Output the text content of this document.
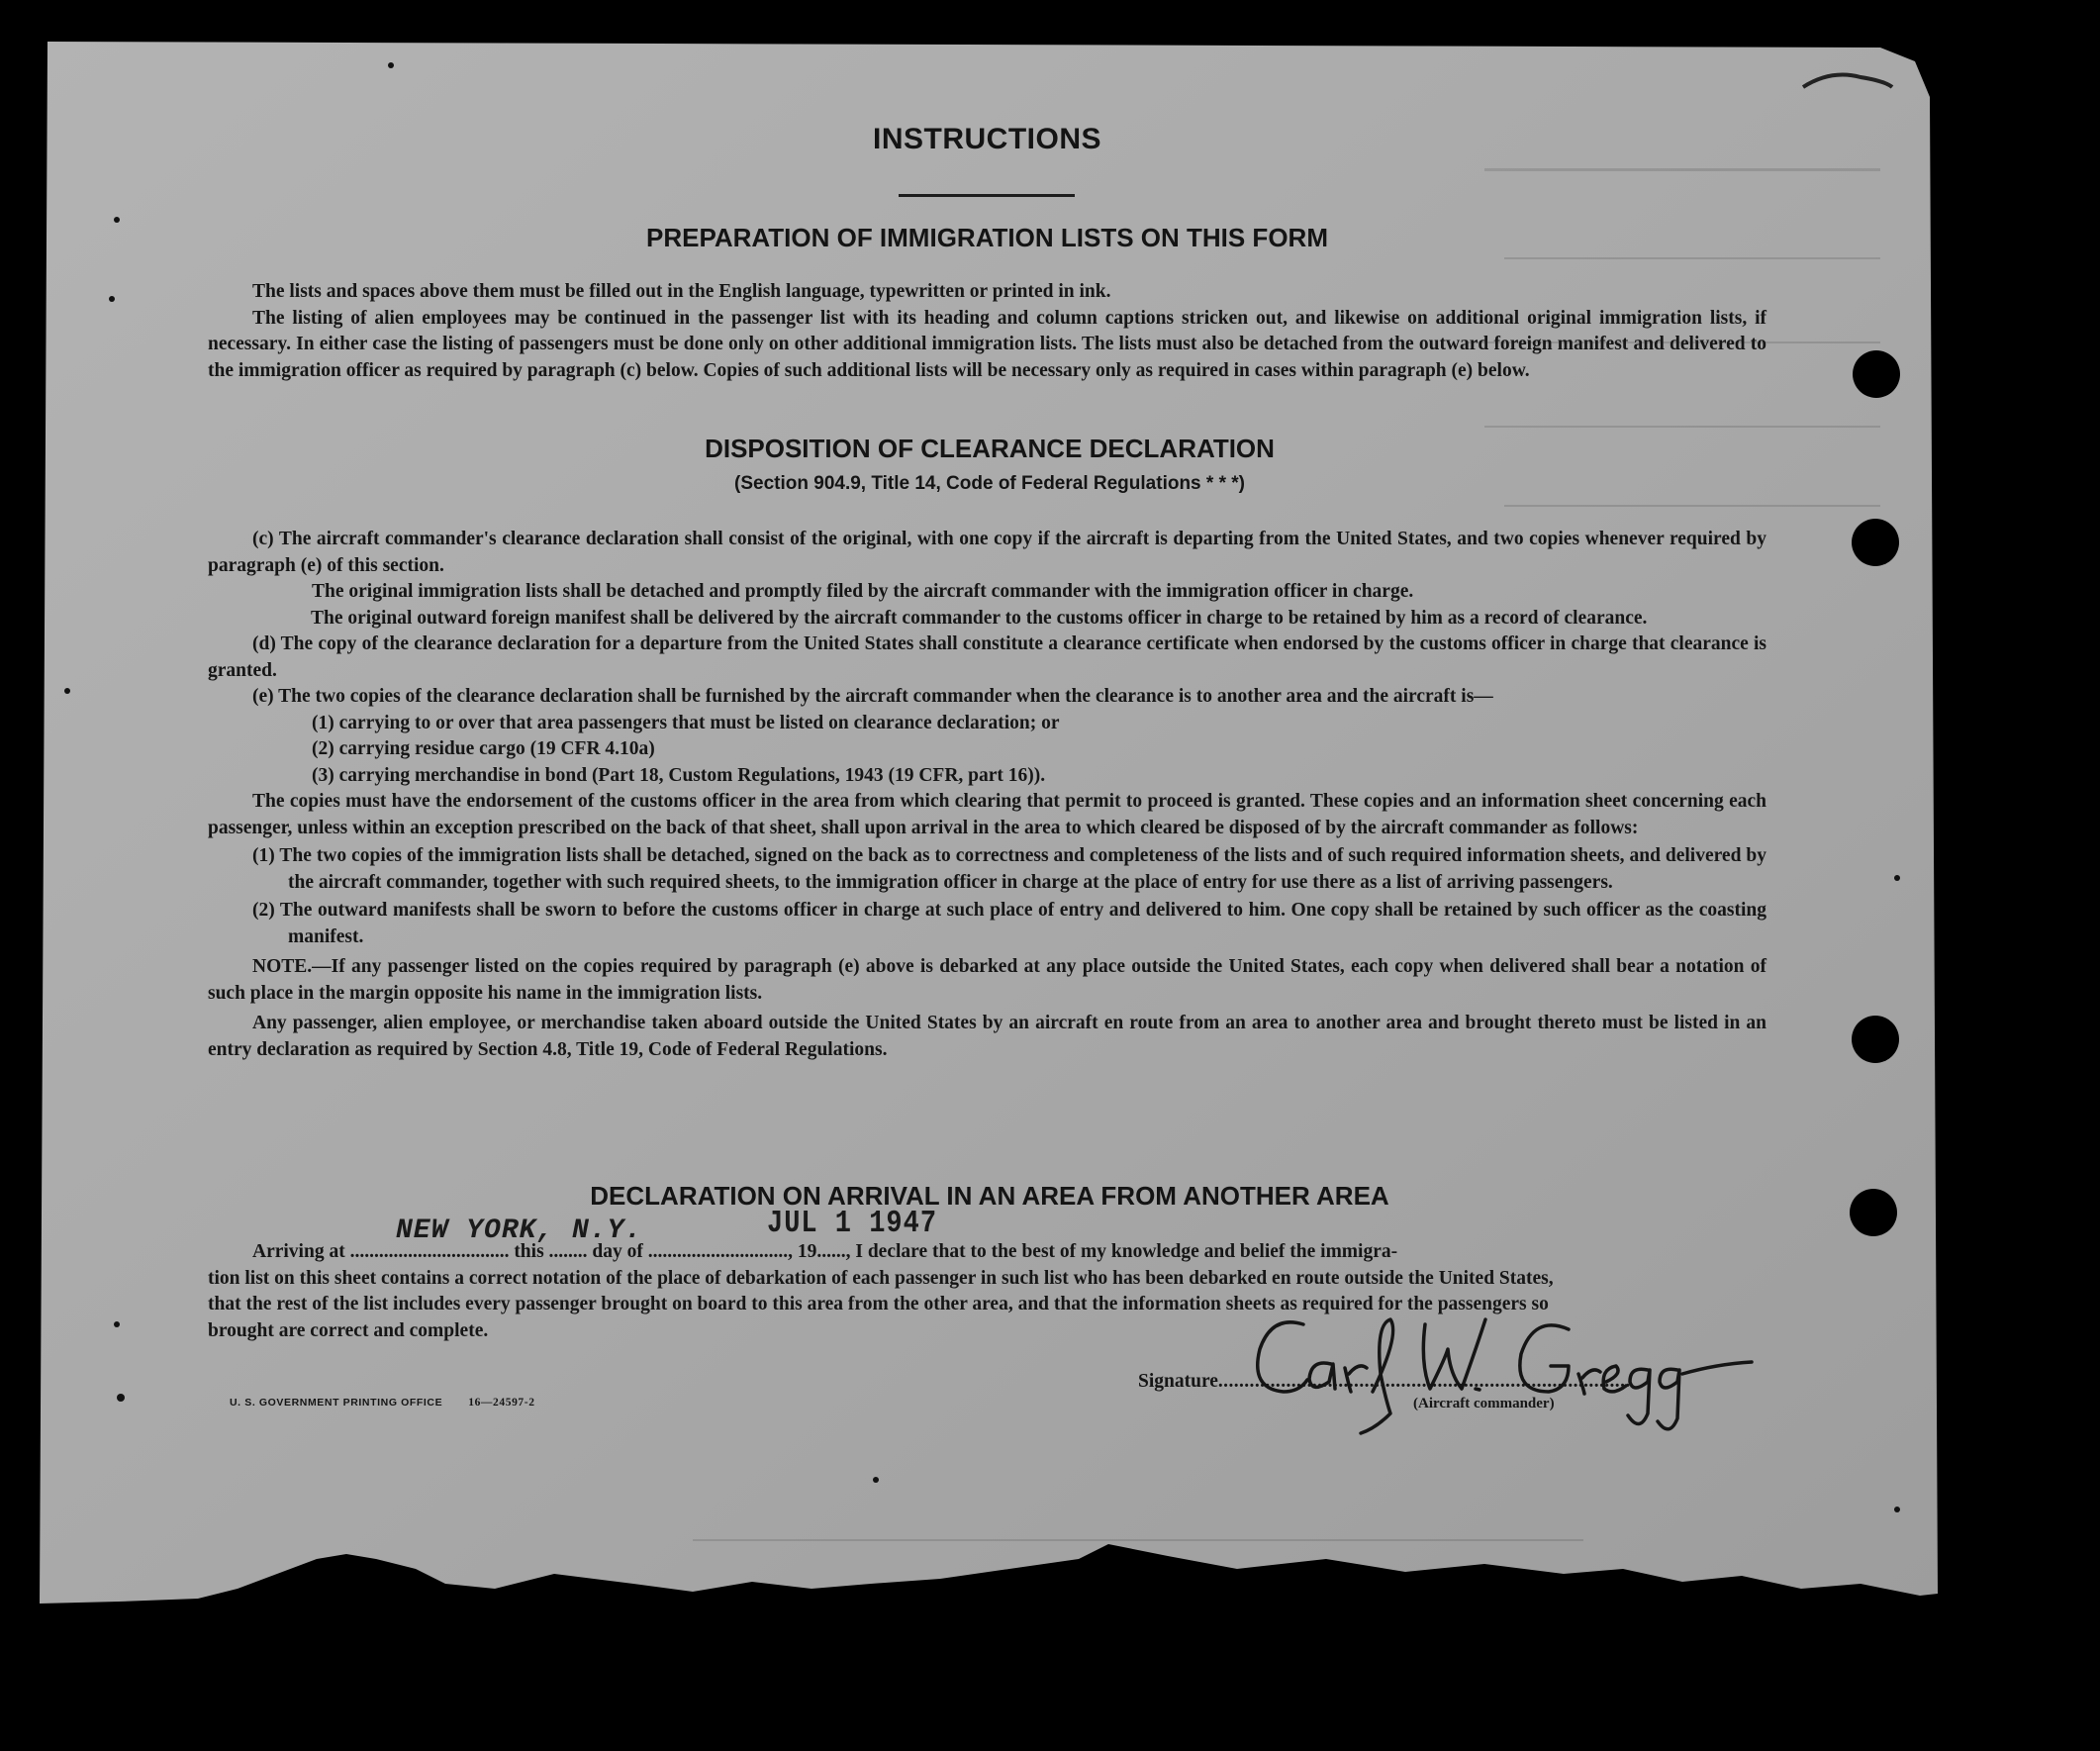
INSTRUCTIONS
PREPARATION OF IMMIGRATION LISTS ON THIS FORM

The lists and spaces above them must be filled out in the English language, typewritten or printed in ink.

The listing of alien employees may be continued in the passenger list with its heading and column captions stricken out, and likewise on additional original immigration lists, if necessary. In either case the listing of passengers must be done only on other additional immigration lists. The lists must also be detached from the outward foreign manifest and delivered to the immigration officer as required by paragraph (c) below. Copies of such additional lists will be necessary only as required in cases within paragraph (e) below.

DISPOSITION OF CLEARANCE DECLARATION
(Section 904.9, Title 14, Code of Federal Regulations * * *)

(c) The aircraft commander's clearance declaration shall consist of the original, with one copy if the aircraft is departing from the United States, and two copies whenever required by paragraph (e) of this section.

The original immigration lists shall be detached and promptly filed by the aircraft commander with the immigration officer in charge.

The original outward foreign manifest shall be delivered by the aircraft commander to the customs officer in charge to be retained by him as a record of clearance.

(d) The copy of the clearance declaration for a departure from the United States shall constitute a clearance certificate when endorsed by the customs officer in charge that clearance is granted.

(e) The two copies of the clearance declaration shall be furnished by the aircraft commander when the clearance is to another area and the aircraft is—

(1) carrying to or over that area passengers that must be listed on clearance declaration; or

(2) carrying residue cargo (19 CFR 4.10a)

(3) carrying merchandise in bond (Part 18, Custom Regulations, 1943 (19 CFR, part 16)).

The copies must have the endorsement of the customs officer in the area from which clearing that permit to proceed is granted. These copies and an information sheet concerning each passenger, unless within an exception prescribed on the back of that sheet, shall upon arrival in the area to which cleared be disposed of by the aircraft commander as follows:

(1) The two copies of the immigration lists shall be detached, signed on the back as to correctness and completeness of the lists and of such required information sheets, and delivered by the aircraft commander, together with such required sheets, to the immigration officer in charge at the place of entry for use there as a list of arriving passengers.

(2) The outward manifests shall be sworn to before the customs officer in charge at such place of entry and delivered to him. One copy shall be retained by such officer as the coasting manifest.

NOTE.—If any passenger listed on the copies required by paragraph (e) above is debarked at any place outside the United States, each copy when delivered shall bear a notation of such place in the margin opposite his name in the immigration lists.

Any passenger, alien employee, or merchandise taken aboard outside the United States by an aircraft en route from an area to another area and brought thereto must be listed in an entry declaration as required by Section 4.8, Title 19, Code of Federal Regulations.

DECLARATION ON ARRIVAL IN AN AREA FROM ANOTHER AREA
NEW YORK, N.Y.	JUL 1 1947
Arriving at ................................. this ........ day of ............................., 19......, I declare that to the best of my knowledge and belief the immigra-
tion list on this sheet contains a correct notation of the place of debarkation of each passenger in such list who has been debarked en route outside the United States,
that the rest of the list includes every passenger brought on board to this area from the other area, and that the information sheets as required for the passengers so
brought are correct and complete.
Signature...............................................................................
(Aircraft commander)
U. S. GOVERNMENT PRINTING OFFICE 16—24597-2
